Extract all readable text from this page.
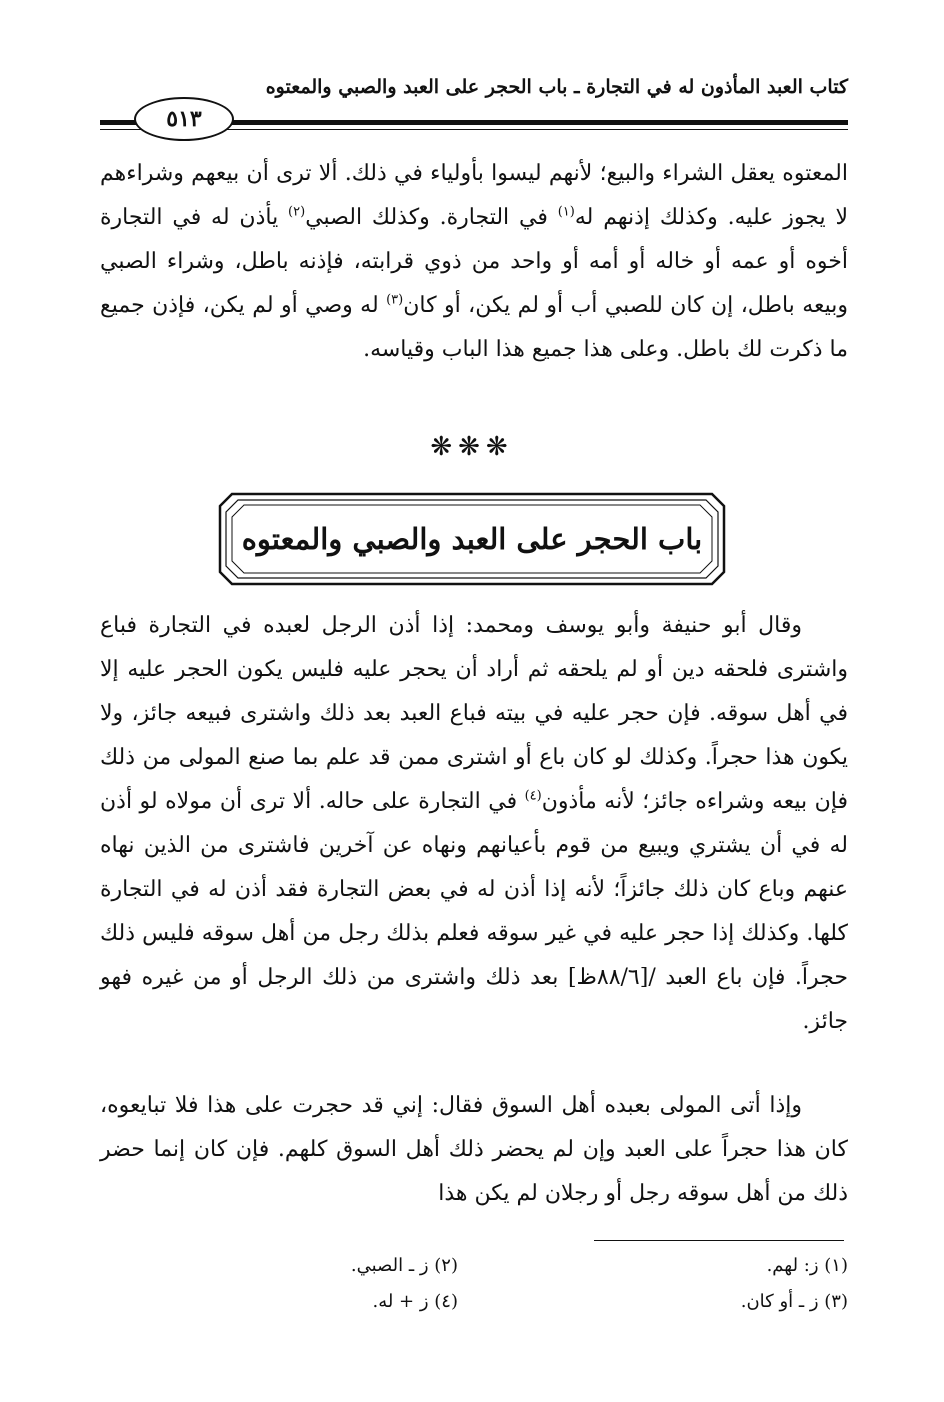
كتاب العبد المأذون له في التجارة ـ باب الحجر على العبد والصبي والمعتوه
٥١٣
المعتوه يعقل الشراء والبيع؛ لأنهم ليسوا بأولياء في ذلك. ألا ترى أن بيعهم وشراءهم لا يجوز عليه. وكذلك إذنهم له$^{(١)}$ في التجارة. وكذلك الصبي$^{(٢)}$ يأذن له في التجارة أخوه أو عمه أو خاله أو أمه أو واحد من ذوي قرابته، فإذنه باطل، وشراء الصبي وبيعه باطل، إن كان للصبي أب أو لم يكن، أو كان$^{(٣)}$ له وصي أو لم يكن، فإذن جميع ما ذكرت لك باطل. وعلى هذا جميع هذا الباب وقياسه.
❋❋❋
باب الحجر على العبد والصبي والمعتوه
وقال أبو حنيفة وأبو يوسف ومحمد: إذا أذن الرجل لعبده في التجارة فباع واشترى فلحقه دين أو لم يلحقه ثم أراد أن يحجر عليه فليس يكون الحجر عليه إلا في أهل سوقه. فإن حجر عليه في بيته فباع العبد بعد ذلك واشترى فبيعه جائز، ولا يكون هذا حجراً. وكذلك لو كان باع أو اشترى ممن قد علم بما صنع المولى من ذلك فإن بيعه وشراءه جائز؛ لأنه مأذون$^{(٤)}$ في التجارة على حاله. ألا ترى أن مولاه لو أذن له في أن يشتري ويبيع من قوم بأعيانهم ونهاه عن آخرين فاشترى من الذين نهاه عنهم وباع كان ذلك جائزاً؛ لأنه إذا أذن له في بعض التجارة فقد أذن له في التجارة كلها. وكذلك إذا حجر عليه في غير سوقه فعلم بذلك رجل من أهل سوقه فليس ذلك حجراً. فإن باع العبد /[٨٨/٦ظ] بعد ذلك واشترى من ذلك الرجل أو من غيره فهو جائز.
وإذا أتى المولى بعبده أهل السوق فقال: إني قد حجرت على هذا فلا تبايعوه، كان هذا حجراً على العبد وإن لم يحضر ذلك أهل السوق كلهم. فإن كان إنما حضر ذلك من أهل سوقه رجل أو رجلان لم يكن هذا
(١) ز: لهم.
(٢) ز ـ الصبي.
(٣) ز ـ أو كان.
(٤) ز + له.
